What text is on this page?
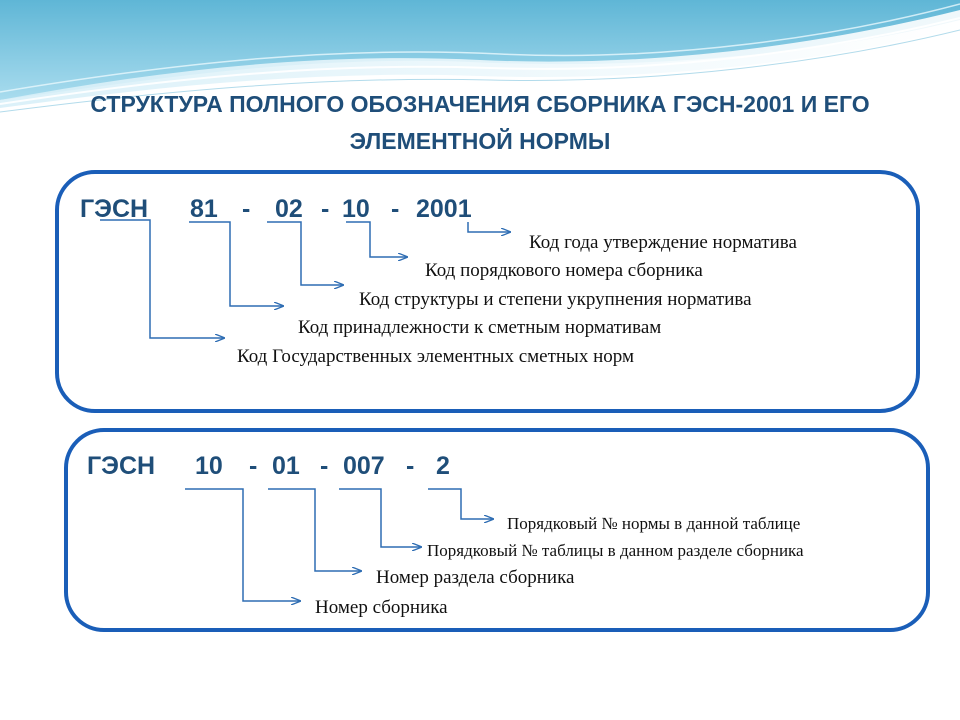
СТРУКТУРА ПОЛНОГО ОБОЗНАЧЕНИЯ СБОРНИКА ГЭСН-2001 И ЕГО
ЭЛЕМЕНТНОЙ НОРМЫ
ГЭСН 81 - 02 - 10 - 2001
Код года утверждение норматива
Код порядкового номера сборника
Код структуры и степени укрупнения норматива
Код принадлежности к сметным нормативам
Код Государственных элементных сметных норм
ГЭСН 10 - 01 - 007 - 2
Порядковый № нормы в данной таблице
Порядковый № таблицы в данном разделе сборника
Номер раздела сборника
Номер сборника
